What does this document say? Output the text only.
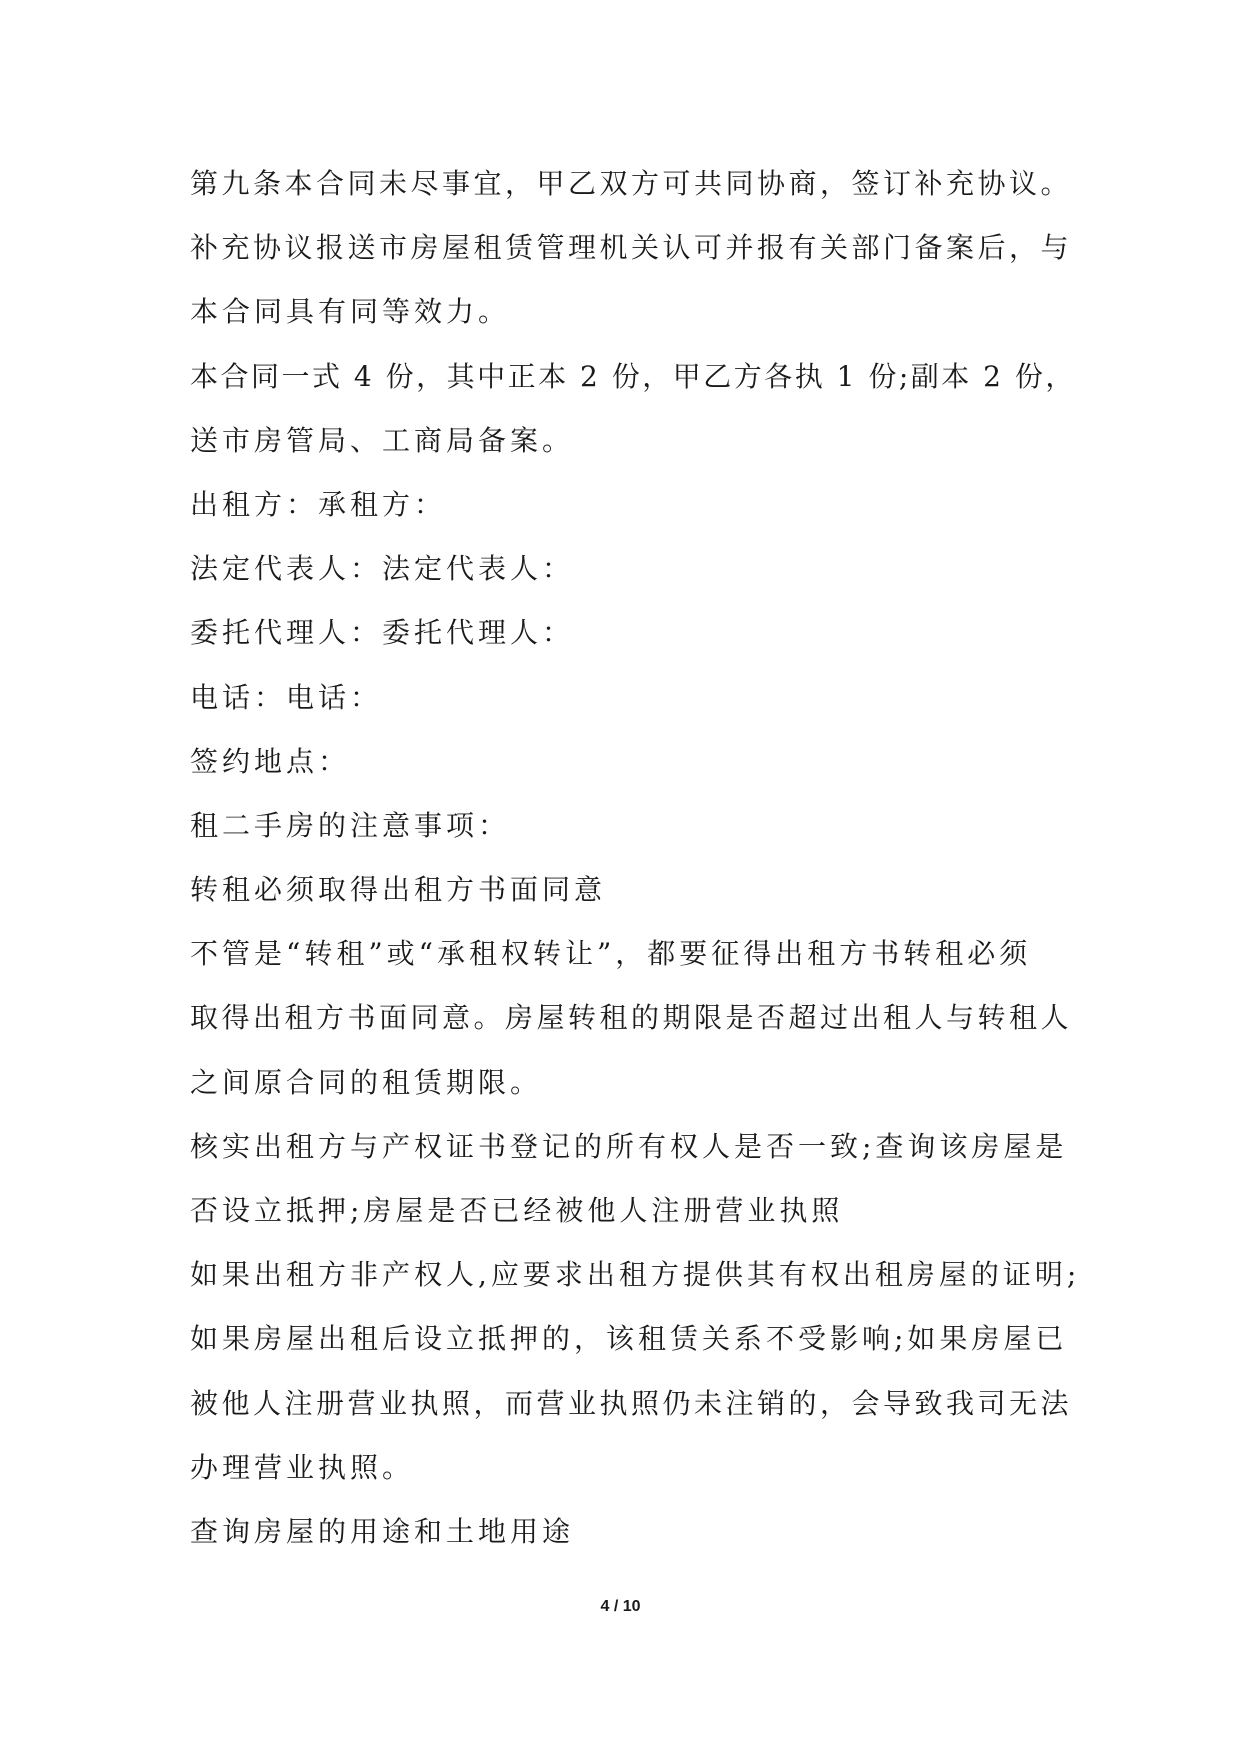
第九条本合同未尽事宜，甲乙双方可共同协商，签订补充协议。
补充协议报送市房屋租赁管理机关认可并报有关部门备案后，与
本合同具有同等效力。
本合同一式 4 份，其中正本 2 份，甲乙方各执 1 份;副本 2 份，
送市房管局、工商局备案。
出租方：承租方：
法定代表人：法定代表人：
委托代理人：委托代理人：
电话：电话：
签约地点：
租二手房的注意事项：
转租必须取得出租方书面同意
不管是“转租”或“承租权转让”，都要征得出租方书转租必须
取得出租方书面同意。房屋转租的期限是否超过出租人与转租人
之间原合同的租赁期限。
核实出租方与产权证书登记的所有权人是否一致;查询该房屋是
否设立抵押;房屋是否已经被他人注册营业执照
如果出租方非产权人,应要求出租方提供其有权出租房屋的证明;
如果房屋出租后设立抵押的，该租赁关系不受影响;如果房屋已
被他人注册营业执照，而营业执照仍未注销的，会导致我司无法
办理营业执照。
查询房屋的用途和土地用途
4 / 10
